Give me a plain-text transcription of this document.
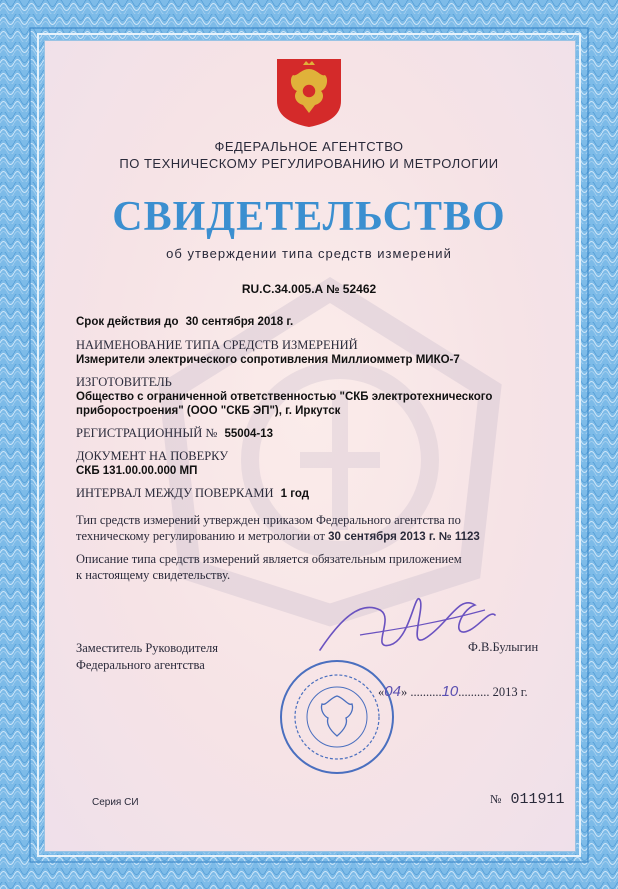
ФЕДЕРАЛЬНОЕ АГЕНТСТВО
ПО ТЕХНИЧЕСКОМУ РЕГУЛИРОВАНИЮ И МЕТРОЛОГИИ
СВИДЕТЕЛЬСТВО
об утверждении типа средств измерений
RU.C.34.005.A № 52462
Срок действия до 30 сентября 2018 г.
НАИМЕНОВАНИЕ ТИПА СРЕДСТВ ИЗМЕРЕНИЙ
Измерители электрического сопротивления Миллиомметр МИКО-7
ИЗГОТОВИТЕЛЬ
Общество с ограниченной ответственностью "СКБ электротехнического
приборостроения" (ООО "СКБ ЭП"), г. Иркутск
РЕГИСТРАЦИОННЫЙ № 55004-13
ДОКУМЕНТ НА ПОВЕРКУ
СКБ 131.00.00.000 МП
ИНТЕРВАЛ МЕЖДУ ПОВЕРКАМИ 1 год
Тип средств измерений утвержден приказом Федерального агентства по
техническому регулированию и метрологии от 30 сентября 2013 г. № 1123
Описание типа средств измерений является обязательным приложением
к настоящему свидетельству.
Заместитель Руководителя
Федерального агентства
Ф.В.Булыгин
«04» ..........10.......... 2013 г.
Серия СИ	№ 011911
